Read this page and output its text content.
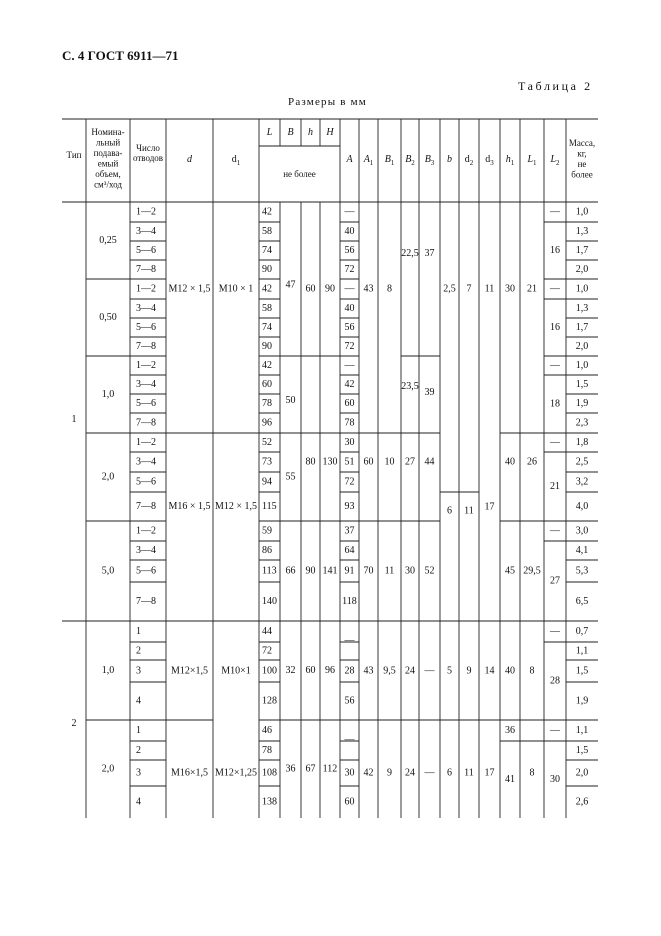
С. 4 ГОСТ 6911—71
Таблица 2
Размеры в мм
Тип
Номина-
льный
подава-
емый
объем,
см³/ход
Число
отводов d	$d_1$
L B h H
не более
A $A_1$ $B_1$ $B_2$ $B_3$ b $d_2$ $d_3$ $h_1$ $L_1$ $L_2$
Масса,
кг,
не
более
1
2
0,25
0,50
1,0
2,0
5,0
1,0
2,0
1—2
3—4
5—6
7—8
1—2
3—4
5—6
7—8
1—2
3—4
5—6
7—8
1—2
3—4
5—6
7—8
1—2
3—4
5—6
7—8
1
2
3
4
1
2
3
4
M12 × 1,5
M16 × 1,5
M12×1,5
M16×1,5
M10 × 1
M12 × 1,5
M10×1
M12×1,25
42
58
74
90
42
58
74
90
42
60
78
96
52
73
94
115
59
86
113
140
44
72
100
128
46
78
108
138
47
50
55
66
32
36
60
80
90
60
67
90
130
141
96
112
—
40
56
72
—
40
56
72
—
42
60
78
30
51
72
93
37
64
91
118
—
28
56
—
30
60
43 8
60 10
70 11
43 9,5
42 9
22,5 37
23,5
39
27 44
30 52
24 —
24 —
2,5 7
6 11
5 9
6 11
11
17
14
17
30
40
45
40
36
41
21
26
29,5
8
8
—
16
—
16
—
18
—
21
—
27
—
28
—
30
1,0
1,3
1,7
2,0
1,0
1,3
1,7
2,0
1,0
1,5
1,9
2,3
1,8
2,5
3,2
4,0
3,0
4,1
5,3
6,5
0,7
1,1
1,5
1,9
1,1
1,5
2,0
2,6
